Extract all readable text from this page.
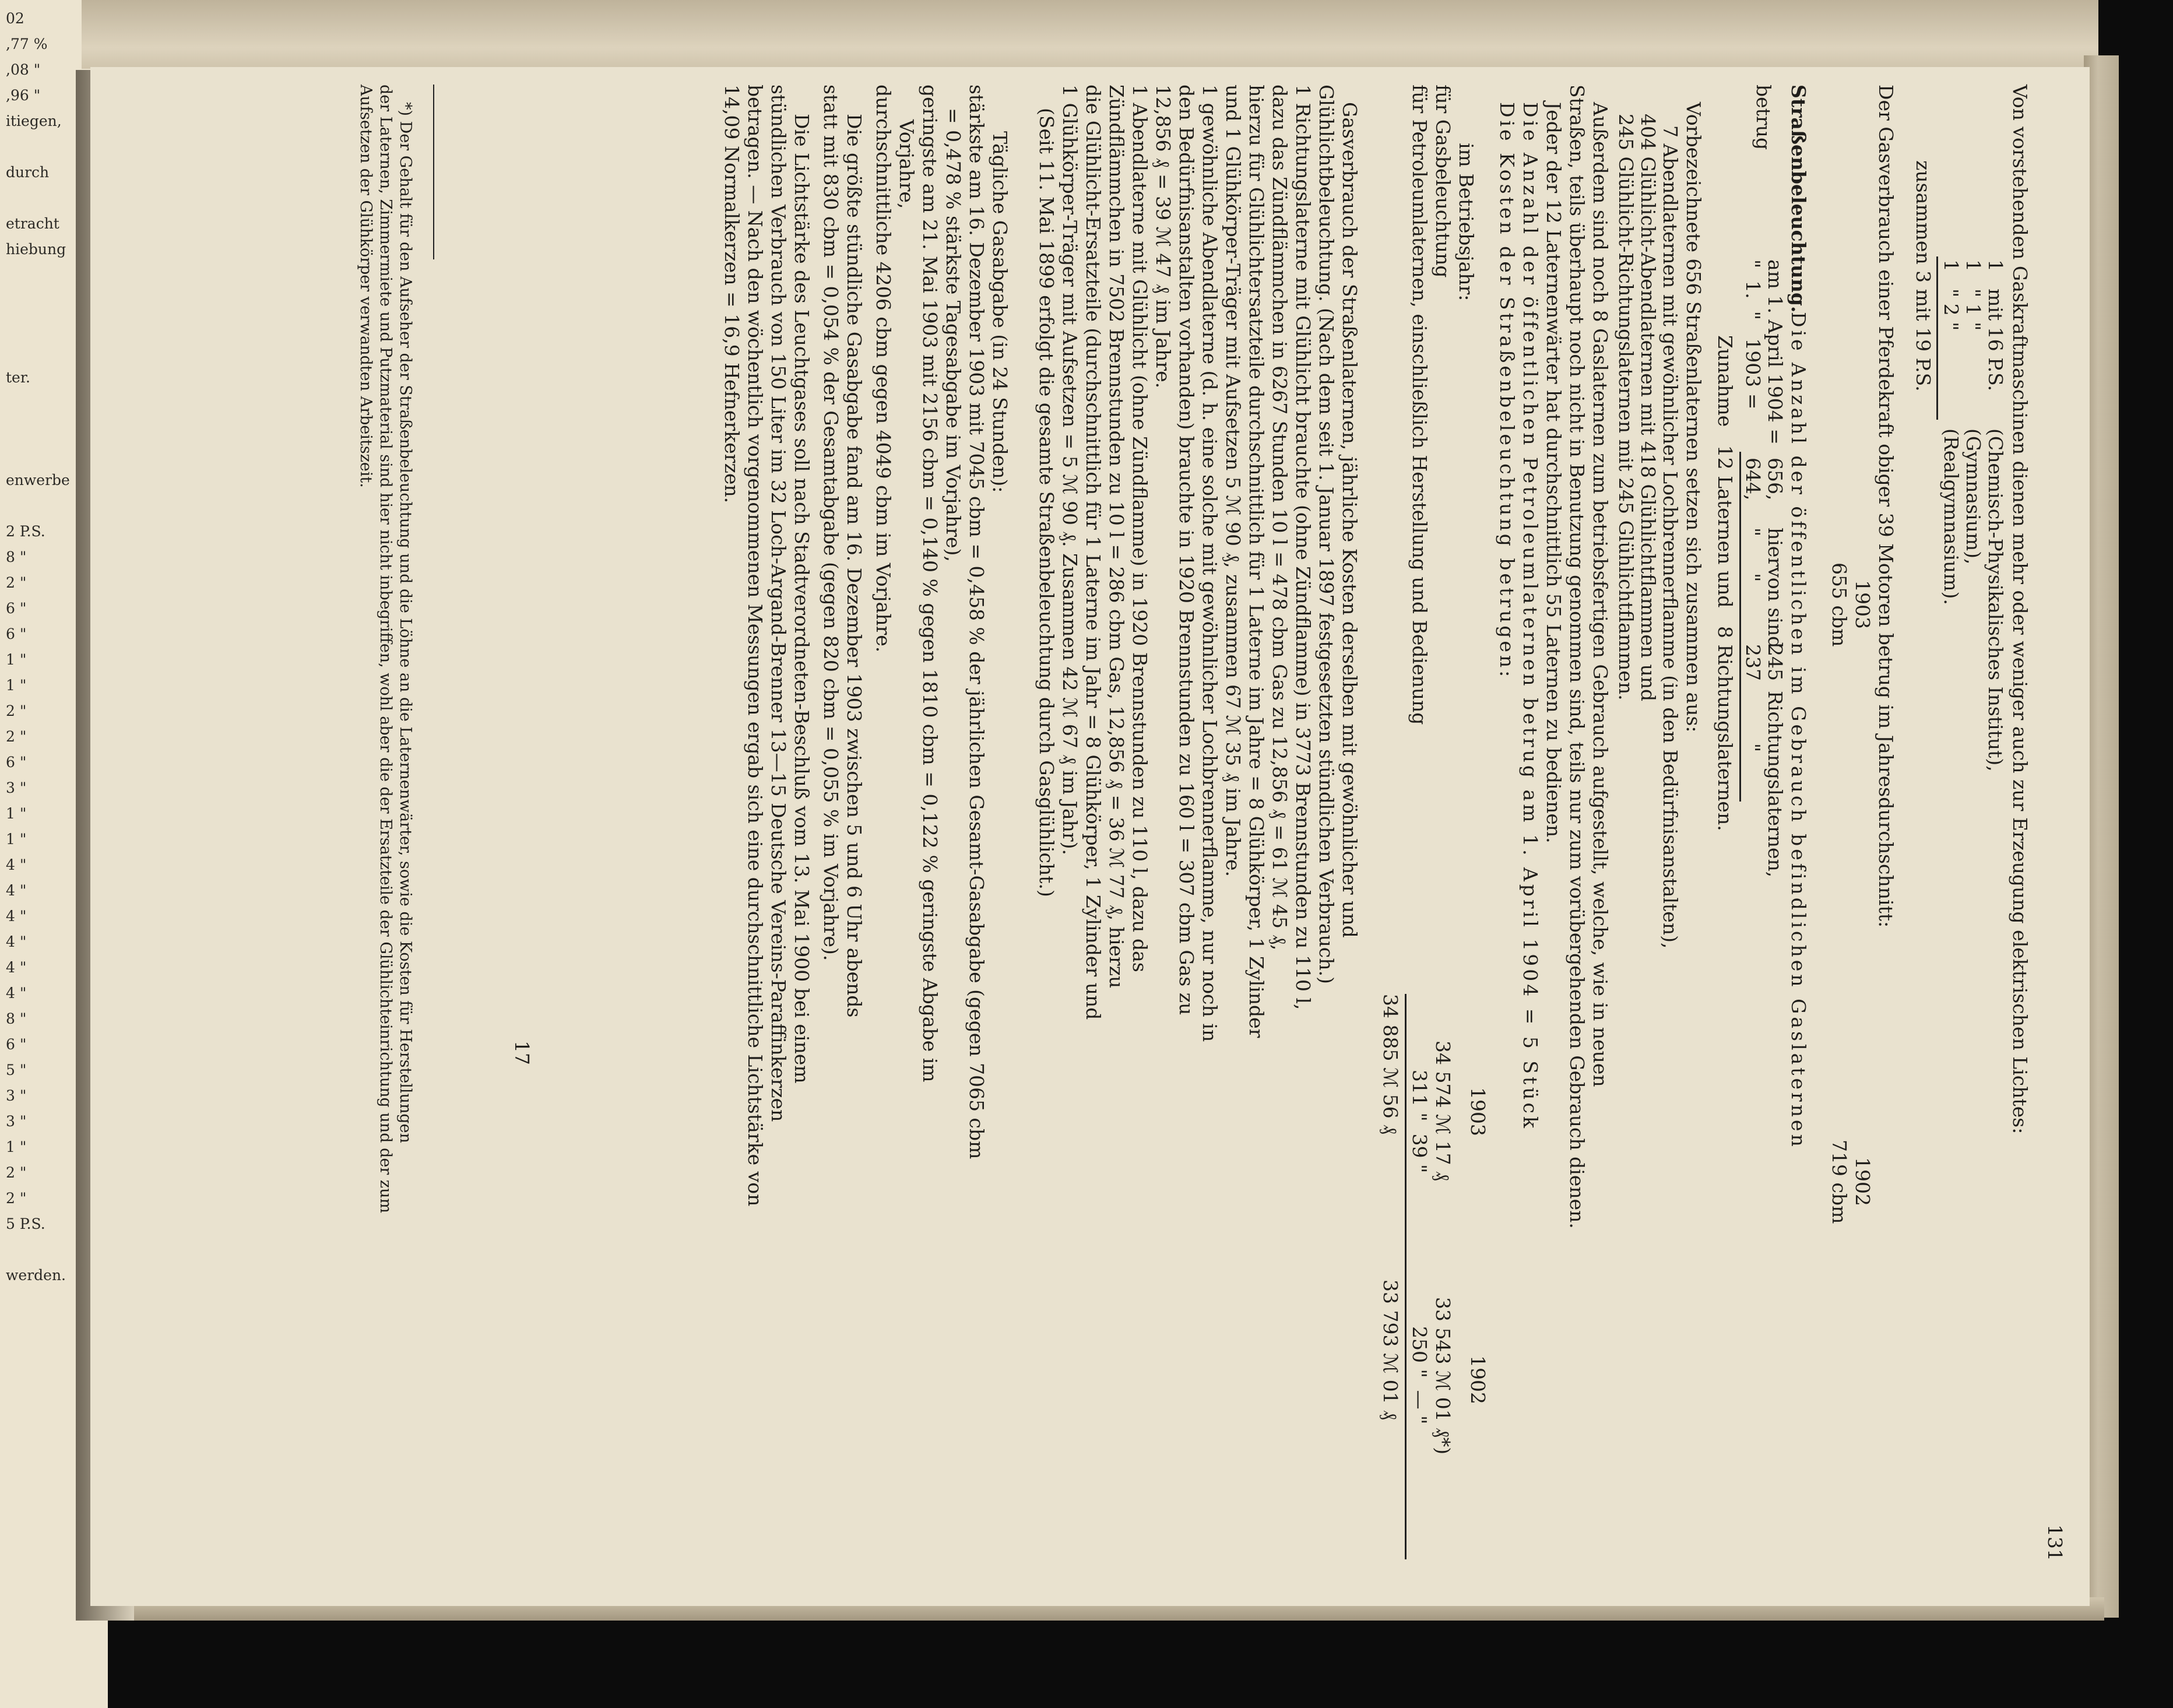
02
,77 %
,08 "
,96 "
itiegen,

durch

etracht
hiebung

ter.

enwerbe

2 P.S.
8 "
2 "
6 "
6 "
1 "
1 "
2 "
2 "
6 "
3 "
1 "
1 "
4 "
4 "
4 "
4 "
4 "
4 "
8 "
6 "
5 "
3 "
3 "
1 "
2 "
2 "
5 P.S.

werden.
131
Von vorstehenden Gaskraftmaschinen dienen mehr oder weniger auch zur Erzeugung elektrischen Lichtes:
1
mit 16 P.S.
(Chemisch-Physikalisches Institut),
1
" 1 "
(Gymnasium),
1
" 2 "
(Realgymnasium).
zusammen 3 mit 19 P.S.
Der Gasverbrauch einer Pferdekraft obiger 39 Motoren betrug im Jahresdurchschnitt:
1903
1902
655 cbm
719 cbm
Straßenbeleuchtung.
Die Anzahl der öffentlichen im Gebrauch befindlichen Gaslaternen
betrug
am 1. April 1904 =
656,
hiervon sind
245
Richtungslaternen,
"  1.  "   1903 =
644,
"      "
237
"
Zunahme   12 Laternen und   8 Richtungslaternen.
Vorbezeichnete 656 Straßenlaternen setzen sich zusammen aus:
7 Abendlaternen mit gewöhnlicher Lochbrennerflamme (in den Bedürfnisanstalten),
404 Glühlicht-Abendlaternen mit 418 Glühlichtflammen und
245 Glühlicht-Richtungslaternen mit 245 Glühlichtflammen.
Außerdem sind noch 8 Gaslaternen zum betriebsfertigen Gebrauch aufgestellt, welche, wie in neuen
Straßen, teils überhaupt noch nicht in Benutzung genommen sind, teils nur zum vorübergehenden Gebrauch dienen.
Jeder der 12 Laternenwärter hat durchschnittlich 55 Laternen zu bedienen.
Die Anzahl der öffentlichen Petroleumlaternen betrug am 1. April 1904 = 5 Stück
Die Kosten der Straßenbeleuchtung betrugen:
im Betriebsjahr:
1903
1902
für Gasbeleuchtung
34 574 ℳ 17 ₰
33 543 ℳ 01 ₰*)
für Petroleumlaternen, einschließlich Herstellung und Bedienung
311 "  39 "
250 "  — "
34 885 ℳ 56 ₰
33 793 ℳ 01 ₰
Gasverbrauch der Straßenlaternen, jährliche Kosten derselben mit gewöhnlicher und
Glühlichtbeleuchtung. (Nach dem seit 1. Januar 1897 festgesetzten stündlichen Verbrauch.)
1 Richtungslaterne mit Glühlicht brauchte (ohne Zündflamme) in 3773 Brennstunden zu 110 l,
dazu das Zündflämmchen in 6267 Stunden 10 l = 478 cbm Gas zu 12,856 ₰ = 61 ℳ 45 ₰,
hierzu für Glühlichtersatzteile durchschnittlich für 1 Laterne im Jahre = 8 Glühkörper, 1 Zylinder
und 1 Glühkörper-Träger mit Aufsetzen 5 ℳ 90 ₰, zusammen 67 ℳ 35 ₰ im Jahre.
1 gewöhnliche Abendlaterne (d. h. eine solche mit gewöhnlicher Lochbrennerflamme, nur noch in
den Bedürfnisanstalten vorhanden) brauchte in 1920 Brennstunden zu 160 l = 307 cbm Gas zu
12,856 ₰ = 39 ℳ 47 ₰ im Jahre.
1 Abendlaterne mit Glühlicht (ohne Zündflamme) in 1920 Brennstunden zu 110 l, dazu das
Zündflämmchen in 7502 Brennstunden zu 10 l = 286 cbm Gas, 12,856 ₰ = 36 ℳ 77 ₰, hierzu
die Glühlicht-Ersatzteile (durchschnittlich für 1 Laterne im Jahr = 8 Glühkörper, 1 Zylinder und
1 Glühkörper-Träger mit Aufsetzen = 5 ℳ 90 ₰. Zusammen 42 ℳ 67 ₰ im Jahr).
(Seit 11. Mai 1899 erfolgt die gesamte Straßenbeleuchtung durch Gasglühlicht.)
Tägliche Gasabgabe (in 24 Stunden):
stärkste am 16. Dezember 1903 mit 7045 cbm = 0,458 % der jährlichen Gesamt-Gasabgabe (gegen 7065 cbm
= 0,478 % stärkste Tagesabgabe im Vorjahre),
geringste am 21. Mai 1903 mit 2156 cbm = 0,140 % gegen 1810 cbm = 0,122 % geringste Abgabe im
Vorjahre,
durchschnittliche 4206 cbm gegen 4049 cbm im Vorjahre.
Die größte stündliche Gasabgabe fand am 16. Dezember 1903 zwischen 5 und 6 Uhr abends
statt mit 830 cbm = 0,054 % der Gesamtabgabe (gegen 820 cbm = 0,055 % im Vorjahre).
Die Lichtstärke des Leuchtgases soll nach Stadtverordneten-Beschluß vom 13. Mai 1900 bei einem
stündlichen Verbrauch von 150 Liter im 32 Loch-Argand-Brenner 13—15 Deutsche Vereins-Paraffinkerzen
betragen. — Nach den wöchentlich vorgenommenen Messungen ergab sich eine durchschnittliche Lichtstärke von
14,09 Normalkerzen = 16,9 Hefnerkerzen.
*) Der Gehalt für den Aufseher der Straßenbeleuchtung und die Löhne an die Laternenwärter, sowie die Kosten für Herstellungen
der Laternen, Zimmermiete und Putzmaterial sind hier nicht inbegriffen, wohl aber die der Ersatzteile der Glühlichteinrichtung und der zum
Aufsetzen der Glühkörper verwandten Arbeitszeit.
17
